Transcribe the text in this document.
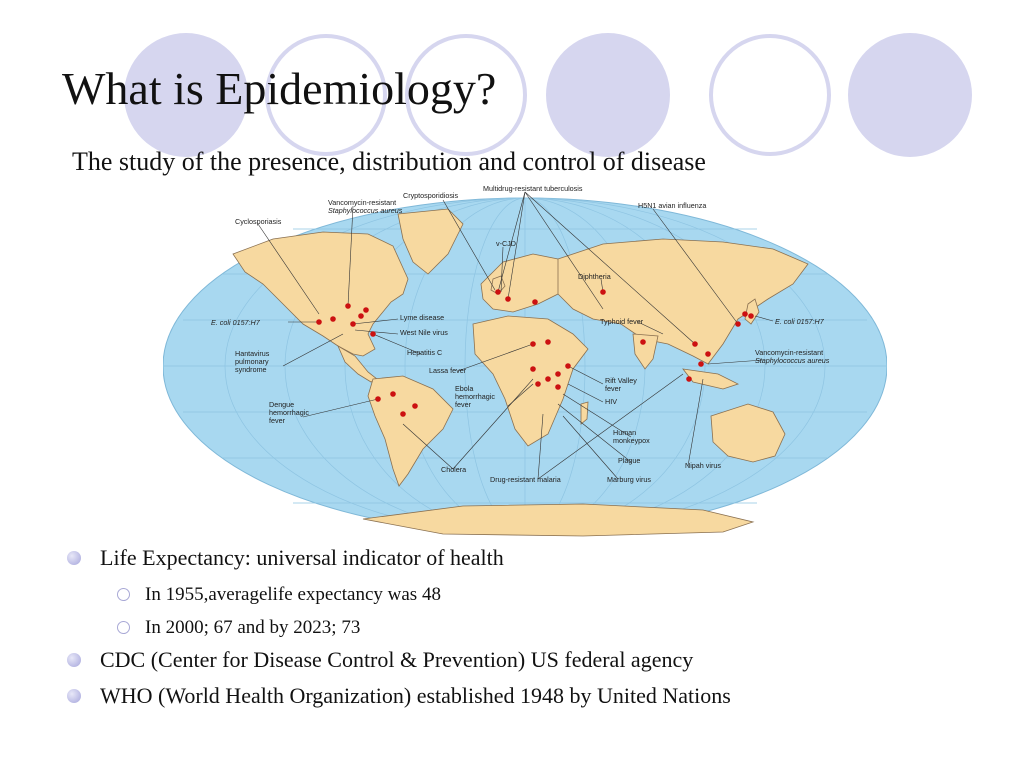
What is Epidemiology?
The study of the presence, distribution and control of disease
Multidrug-resistant tuberculosis
Cryptosporidiosis
Vancomycin-resistant
Staphylococcus aureus
Cyclosporiasis
H5N1 avian influenza
v-CJD
Diphtheria
E. coli 0157:H7
Lyme disease
West Nile virus
Hepatitis C
Typhoid fever	E. coli 0157:H7
Hantavirus
pulmonary
syndrome	Lassa fever
Vancomycin-resistant
Staphylococcus aureus
Rift Valley
fever
HIV
Ebola
hemorrhagic
fever
Dengue
hemorrhagic
fever
Human
monkeypox
Plague
Nipah virus
Cholera
Drug-resistant malaria	Marburg virus
Life Expectancy: universal indicator of health
In 1955,averagelife expectancy was 48
In 2000; 67 and by 2023; 73
CDC (Center for Disease Control & Prevention) US federal agency
WHO (World Health Organization) established 1948 by United Nations
